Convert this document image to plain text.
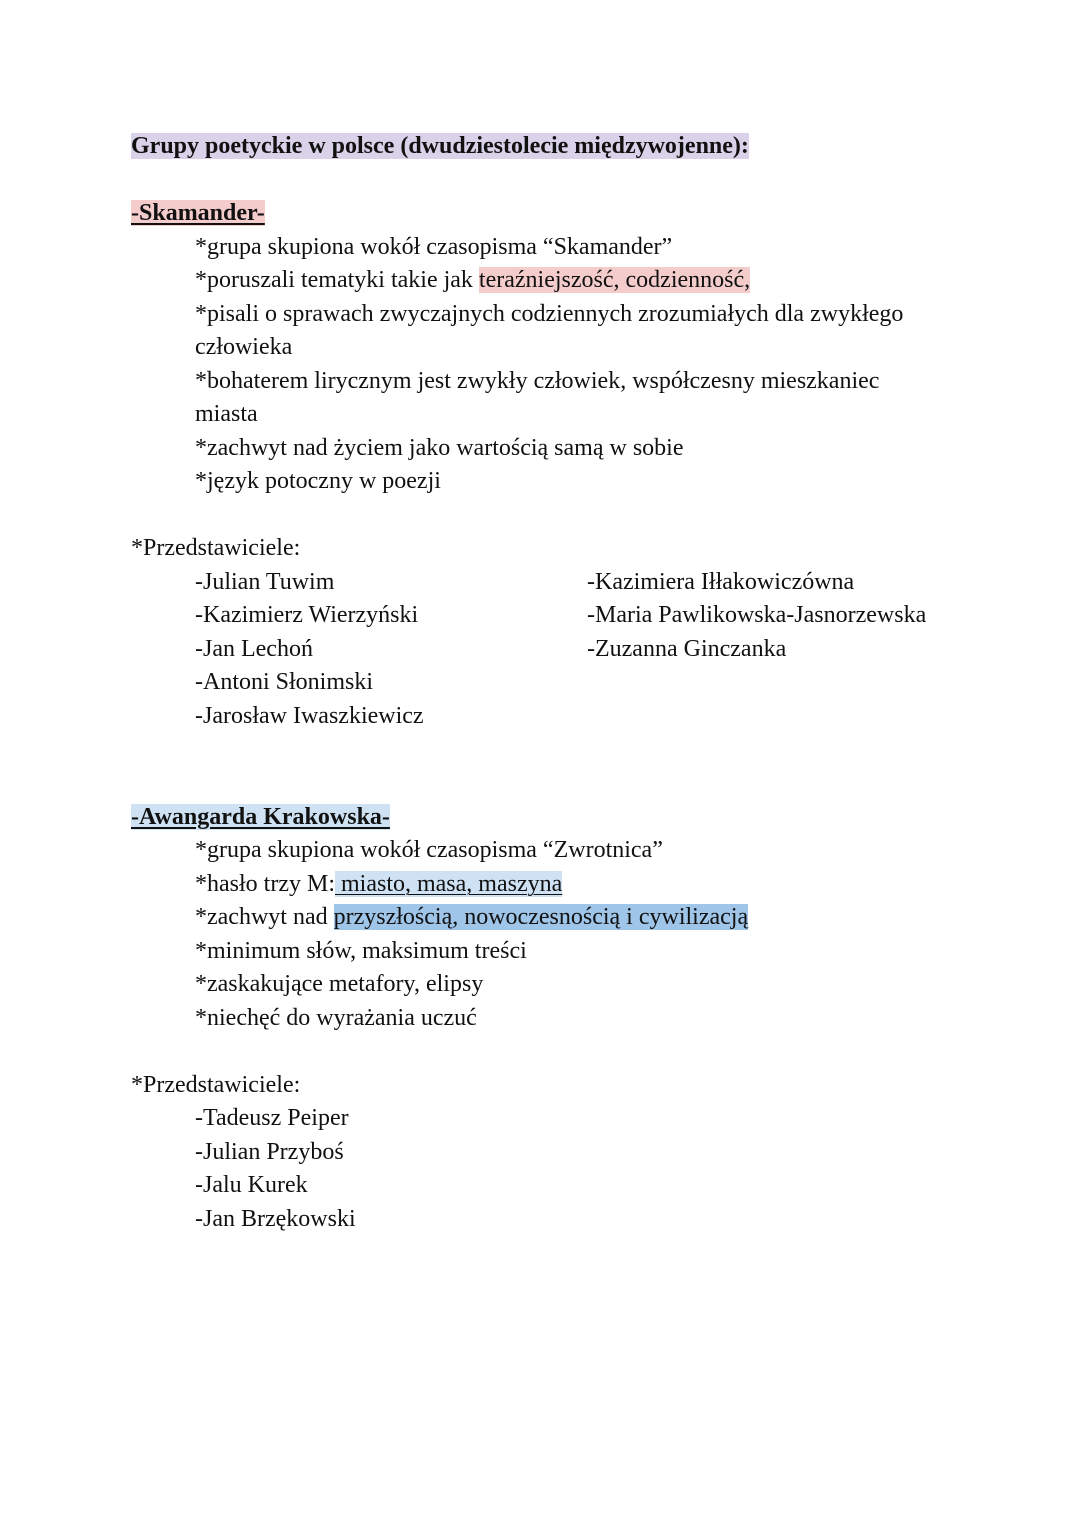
Grupy poetyckie w polsce (dwudziestolecie międzywojenne):
-Skamander-
*grupa skupiona wokół czasopisma “Skamander”
*poruszali tematyki takie jak teraźniejszość, codzienność,
*pisali o sprawach zwyczajnych codziennych zrozumiałych dla zwykłego
człowieka
*bohaterem lirycznym jest zwykły człowiek, współczesny mieszkaniec
miasta
*zachwyt nad życiem jako wartością samą w sobie
*język potoczny w poezji
*Przedstawiciele:
-Julian Tuwim
-Kazimierz Wierzyński
-Jan Lechoń
-Antoni Słonimski
-Jarosław Iwaszkiewicz
-Kazimiera Iłłakowiczówna
-Maria Pawlikowska-Jasnorzewska
-Zuzanna Ginczanka
-Awangarda Krakowska-
*grupa skupiona wokół czasopisma “Zwrotnica”
*hasło trzy M: miasto, masa, maszyna
*zachwyt nad przyszłością, nowoczesnością i cywilizacją
*minimum słów, maksimum treści
*zaskakujące metafory, elipsy
*niechęć do wyrażania uczuć
*Przedstawiciele:
-Tadeusz Peiper
-Julian Przyboś
-Jalu Kurek
-Jan Brzękowski
